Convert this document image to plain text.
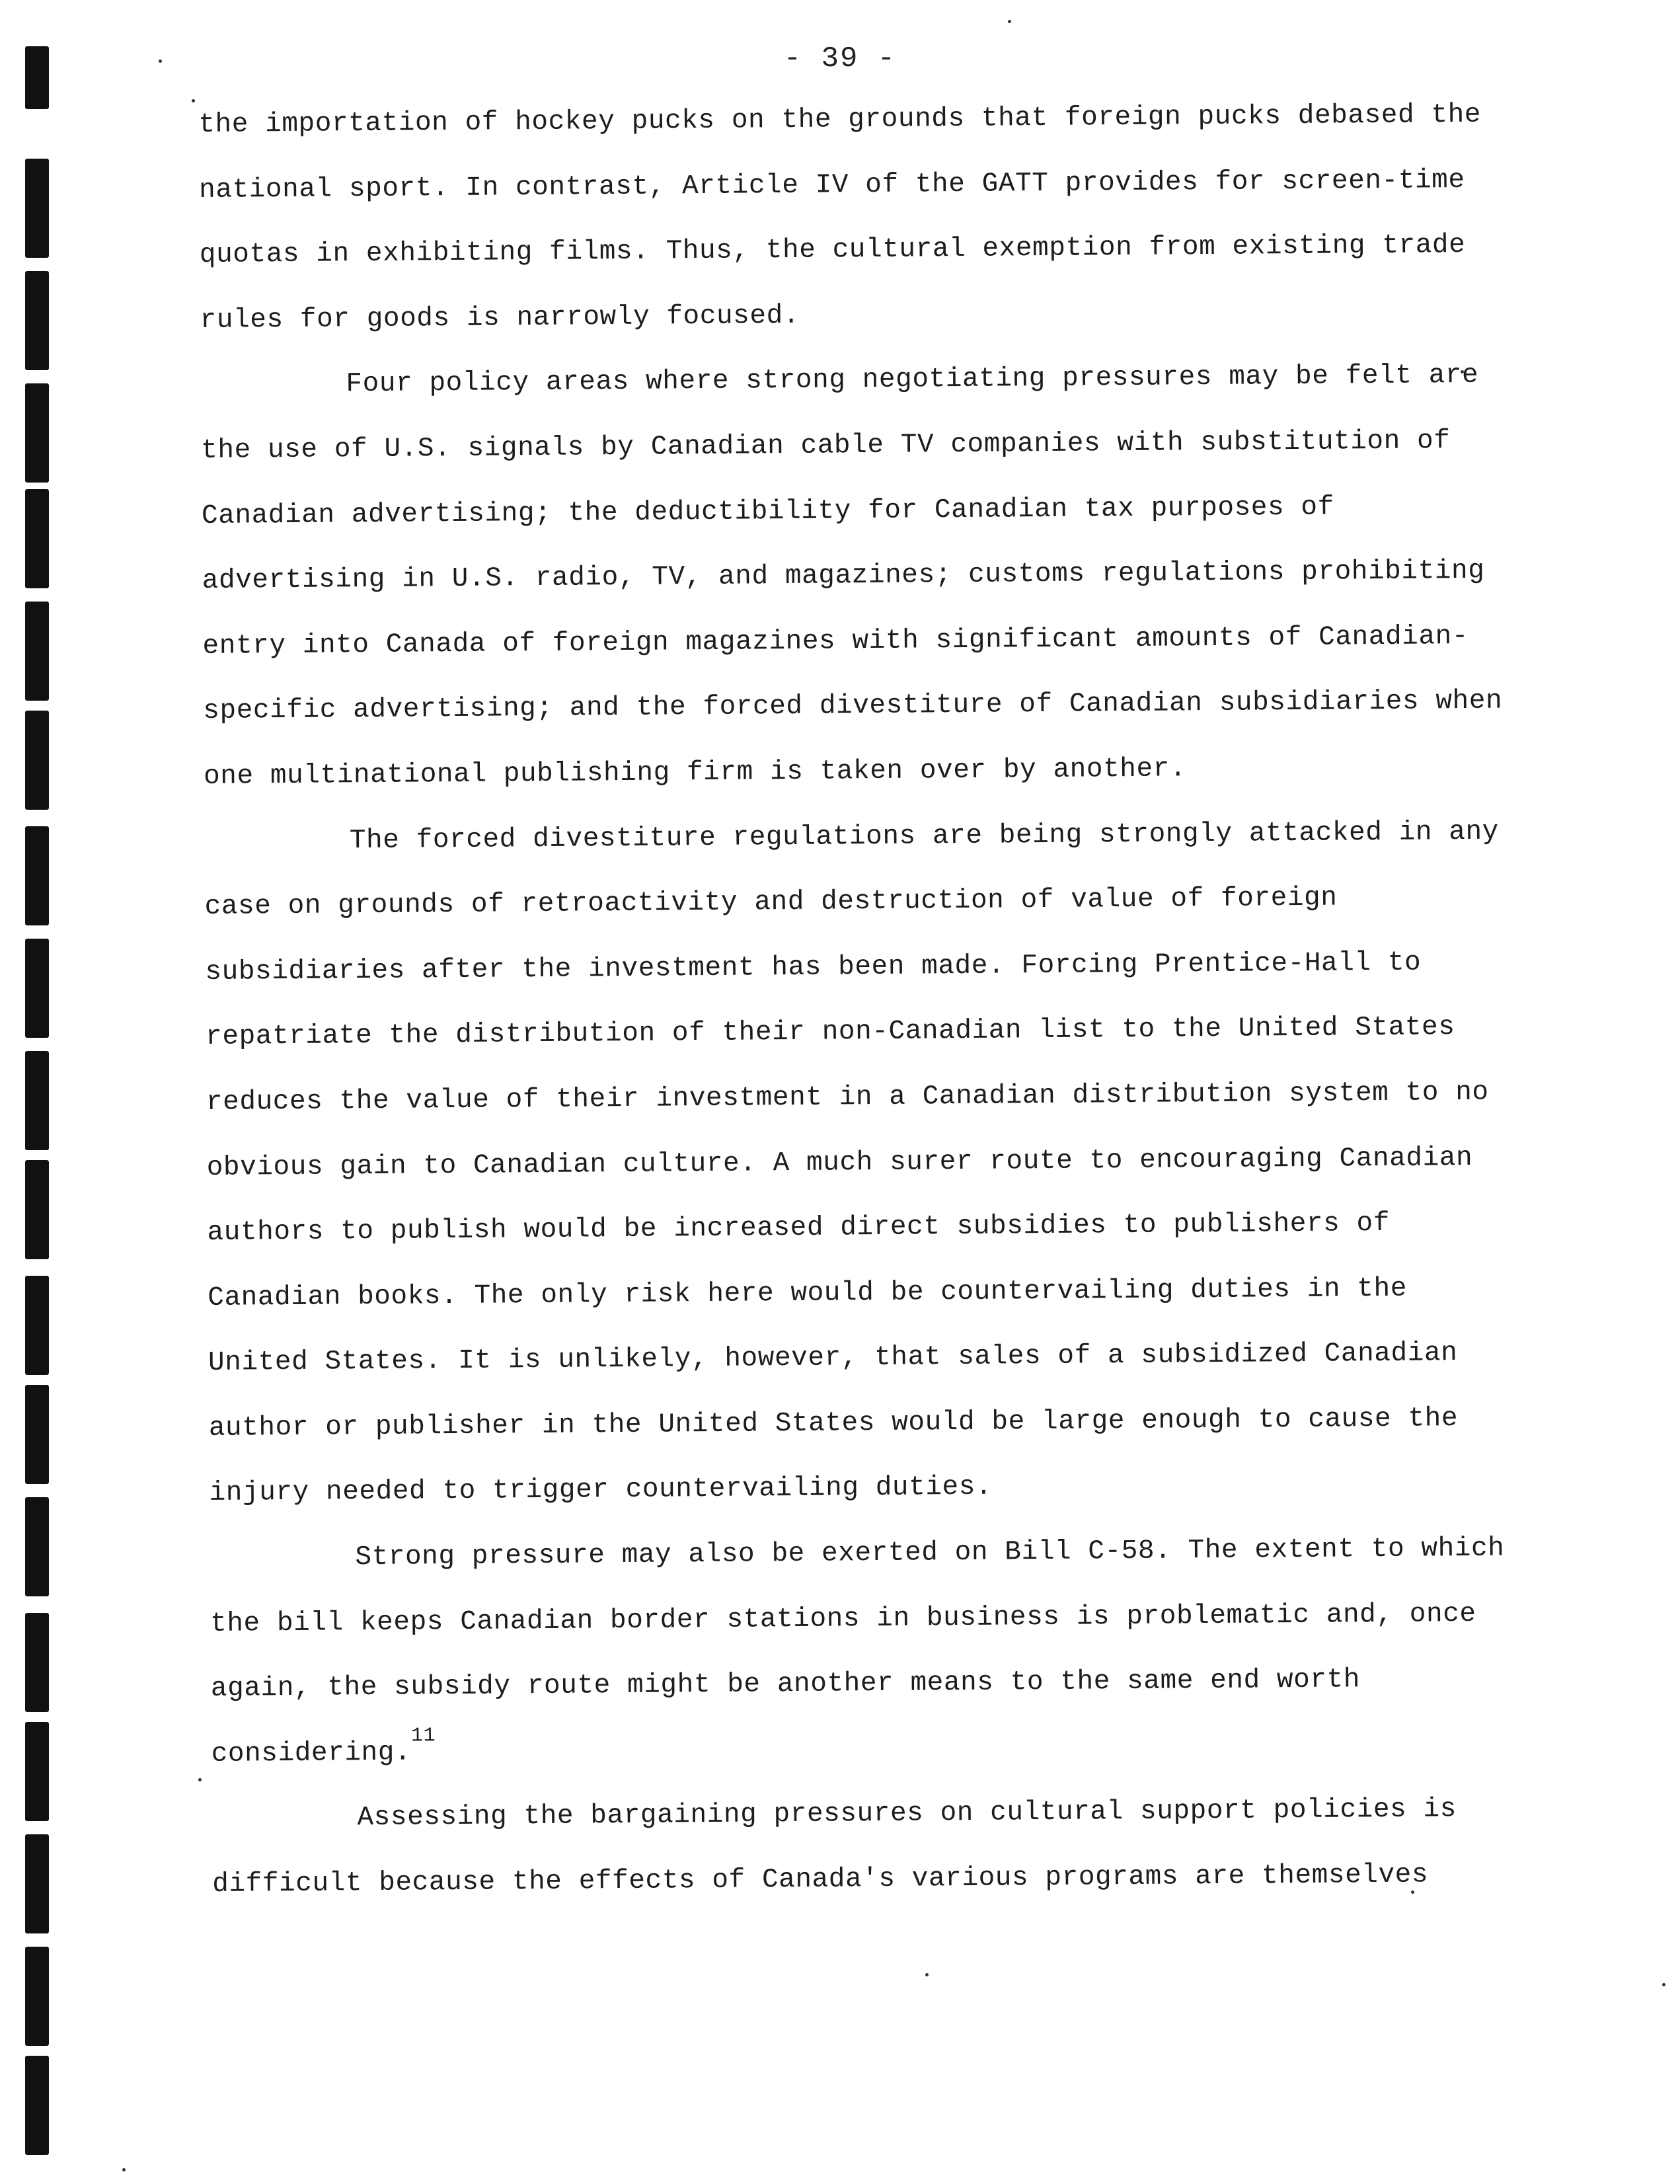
- 39 -

the importation of hockey pucks on the grounds that foreign pucks debased the national sport. In contrast, Article IV of the GATT provides for screen-time quotas in exhibiting films. Thus, the cultural exemption from existing trade rules for goods is narrowly focused.

Four policy areas where strong negotiating pressures may be felt are the use of U.S. signals by Canadian cable TV companies with substitution of Canadian advertising; the deductibility for Canadian tax purposes of advertising in U.S. radio, TV, and magazines; customs regulations prohibiting entry into Canada of foreign magazines with significant amounts of Canadian-specific advertising; and the forced divestiture of Canadian subsidiaries when one multinational publishing firm is taken over by another.

The forced divestiture regulations are being strongly attacked in any case on grounds of retroactivity and destruction of value of foreign subsidiaries after the investment has been made. Forcing Prentice-Hall to repatriate the distribution of their non-Canadian list to the United States reduces the value of their investment in a Canadian distribution system to no obvious gain to Canadian culture. A much surer route to encouraging Canadian authors to publish would be increased direct subsidies to publishers of Canadian books. The only risk here would be countervailing duties in the United States. It is unlikely, however, that sales of a subsidized Canadian author or publisher in the United States would be large enough to cause the injury needed to trigger countervailing duties.

Strong pressure may also be exerted on Bill C-58. The extent to which the bill keeps Canadian border stations in business is problematic and, once again, the subsidy route might be another means to the same end worth considering.$^{11}$

Assessing the bargaining pressures on cultural support policies is difficult because the effects of Canada's various programs are themselves
